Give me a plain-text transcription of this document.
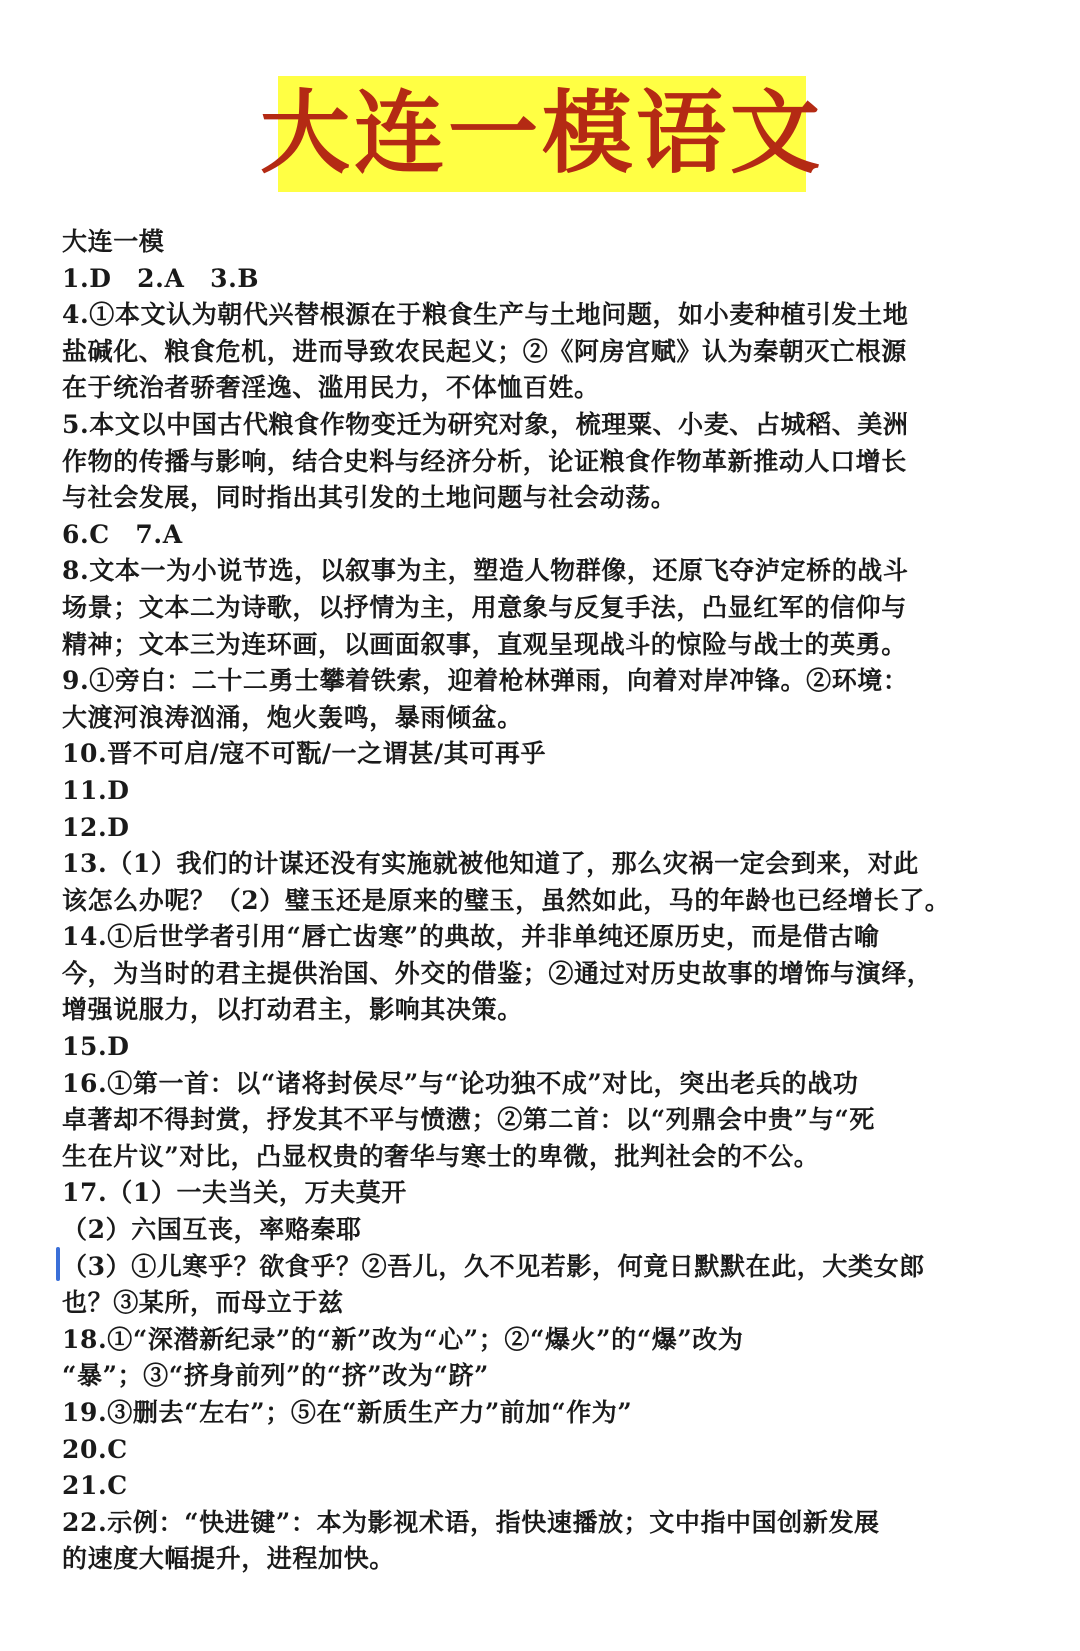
大连一模语文
大连一模
1.D　2.A　3.B
4.①本文认为朝代兴替根源在于粮食生产与土地问题，如小麦种植引发土地
盐碱化、粮食危机，进而导致农民起义；②《阿房宫赋》认为秦朝灭亡根源
在于统治者骄奢淫逸、滥用民力，不体恤百姓。
5.本文以中国古代粮食作物变迁为研究对象，梳理粟、小麦、占城稻、美洲
作物的传播与影响，结合史料与经济分析，论证粮食作物革新推动人口增长
与社会发展，同时指出其引发的土地问题与社会动荡。
6.C　7.A
8.文本一为小说节选，以叙事为主，塑造人物群像，还原飞夺泸定桥的战斗
场景；文本二为诗歌，以抒情为主，用意象与反复手法，凸显红军的信仰与
精神；文本三为连环画，以画面叙事，直观呈现战斗的惊险与战士的英勇。
9.①旁白：二十二勇士攀着铁索，迎着枪林弹雨，向着对岸冲锋。②环境：
大渡河浪涛汹涌，炮火轰鸣，暴雨倾盆。
10.晋不可启/寇不可翫/一之谓甚/其可再乎
11.D
12.D
13.（1）我们的计谋还没有实施就被他知道了，那么灾祸一定会到来，对此
该怎么办呢？（2）璧玉还是原来的璧玉，虽然如此，马的年龄也已经增长了。
14.①后世学者引用“唇亡齿寒”的典故，并非单纯还原历史，而是借古喻
今，为当时的君主提供治国、外交的借鉴；②通过对历史故事的增饰与演绎，
增强说服力，以打动君主，影响其决策。
15.D
16.①第一首：以“诸将封侯尽”与“论功独不成”对比，突出老兵的战功
卓著却不得封赏，抒发其不平与愤懑；②第二首：以“列鼎会中贵”与“死
生在片议”对比，凸显权贵的奢华与寒士的卑微，批判社会的不公。
17.（1）一夫当关，万夫莫开
（2）六国互丧，率赂秦耶
（3）①儿寒乎？欲食乎？②吾儿，久不见若影，何竟日默默在此，大类女郎
也？③某所，而母立于兹
18.①“深潜新纪录”的“新”改为“心”；②“爆火”的“爆”改为
“暴”；③“挤身前列”的“挤”改为“跻”
19.③删去“左右”；⑤在“新质生产力”前加“作为”
20.C
21.C
22.示例：“快进键”：本为影视术语，指快速播放；文中指中国创新发展
的速度大幅提升，进程加快。
